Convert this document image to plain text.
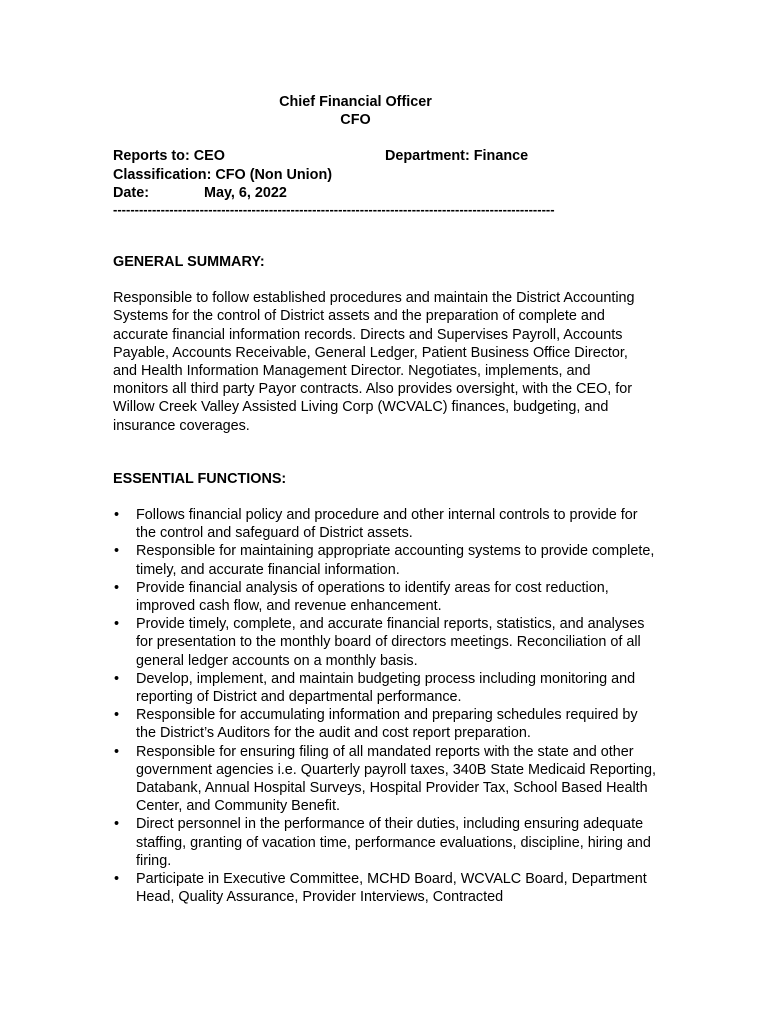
Chief Financial Officer
CFO
Reports to: CEO	Department: Finance
Classification: CFO (Non Union)
Date:	May, 6, 2022
------------------------------------------------------------------------------------------------------
GENERAL SUMMARY:
Responsible to follow established procedures and maintain the District Accounting Systems for the control of District assets and the preparation of complete and accurate financial information records. Directs and Supervises Payroll, Accounts Payable, Accounts Receivable, General Ledger, Patient Business Office Director, and Health Information Management Director. Negotiates, implements, and monitors all third party Payor contracts. Also provides oversight, with the CEO, for Willow Creek Valley Assisted Living Corp (WCVALC) finances, budgeting, and insurance coverages.
ESSENTIAL FUNCTIONS:
• Follows financial policy and procedure and other internal controls to provide for the control and safeguard of District assets.
• Responsible for maintaining appropriate accounting systems to provide complete, timely, and accurate financial information.
• Provide financial analysis of operations to identify areas for cost reduction, improved cash flow, and revenue enhancement.
• Provide timely, complete, and accurate financial reports, statistics, and analyses for presentation to the monthly board of directors meetings. Reconciliation of all general ledger accounts on a monthly basis.
• Develop, implement, and maintain budgeting process including monitoring and reporting of District and departmental performance.
• Responsible for accumulating information and preparing schedules required by the District’s Auditors for the audit and cost report preparation.
• Responsible for ensuring filing of all mandated reports with the state and other government agencies i.e. Quarterly payroll taxes, 340B State Medicaid Reporting, Databank, Annual Hospital Surveys, Hospital Provider Tax, School Based Health Center, and Community Benefit.
• Direct personnel in the performance of their duties, including ensuring adequate staffing, granting of vacation time, performance evaluations, discipline, hiring and firing.
• Participate in Executive Committee, MCHD Board, WCVALC Board, Department Head, Quality Assurance, Provider Interviews, Contracted
